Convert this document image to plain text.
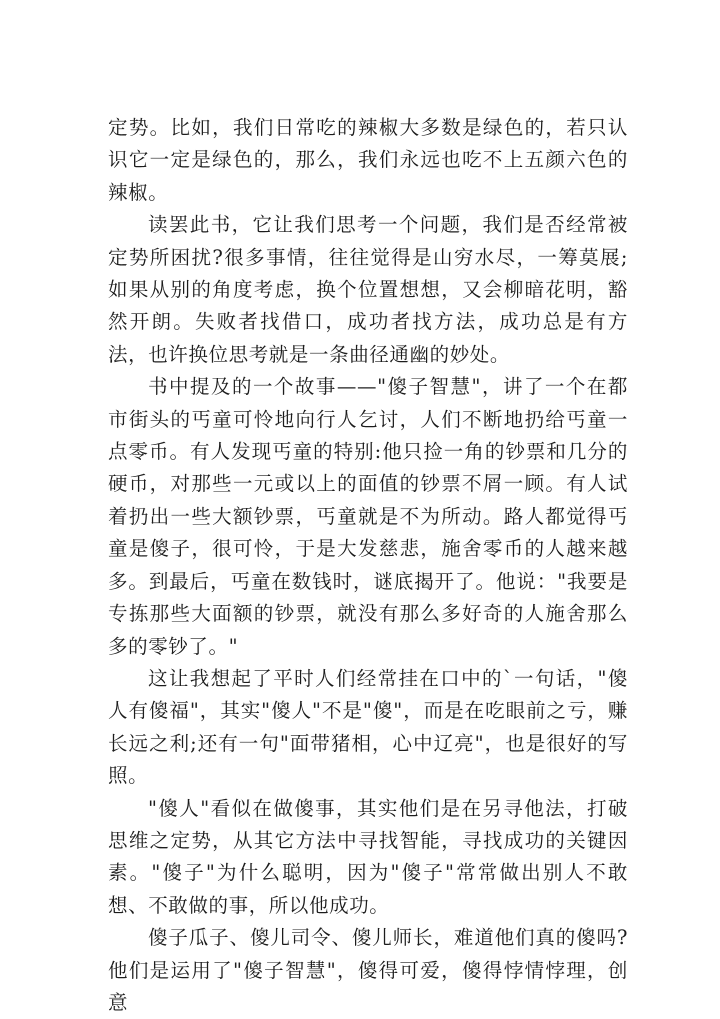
定势。比如，我们日常吃的辣椒大多数是绿色的，若只认识它一定是绿色的，那么，我们永远也吃不上五颜六色的辣椒。

读罢此书，它让我们思考一个问题，我们是否经常被定势所困扰?很多事情，往往觉得是山穷水尽，一筹莫展;如果从别的角度考虑，换个位置想想，又会柳暗花明，豁然开朗。失败者找借口，成功者找方法，成功总是有方法，也许换位思考就是一条曲径通幽的妙处。

书中提及的一个故事——"傻子智慧"，讲了一个在都市街头的丐童可怜地向行人乞讨，人们不断地扔给丐童一点零币。有人发现丐童的特别:他只捡一角的钞票和几分的硬币，对那些一元或以上的面值的钞票不屑一顾。有人试着扔出一些大额钞票，丐童就是不为所动。路人都觉得丐童是傻子，很可怜，于是大发慈悲，施舍零币的人越来越多。到最后，丐童在数钱时，谜底揭开了。他说："我要是专拣那些大面额的钞票，就没有那么多好奇的人施舍那么多的零钞了。"

这让我想起了平时人们经常挂在口中的`一句话，"傻人有傻福"，其实"傻人"不是"傻"，而是在吃眼前之亏，赚长远之利;还有一句"面带猪相，心中辽亮"，也是很好的写照。

"傻人"看似在做傻事，其实他们是在另寻他法，打破思维之定势，从其它方法中寻找智能，寻找成功的关键因素。"傻子"为什么聪明，因为"傻子"常常做出别人不敢想、不敢做的事，所以他成功。

傻子瓜子、傻儿司令、傻儿师长，难道他们真的傻吗?他们是运用了"傻子智慧"，傻得可爱，傻得悖情悖理，创意
